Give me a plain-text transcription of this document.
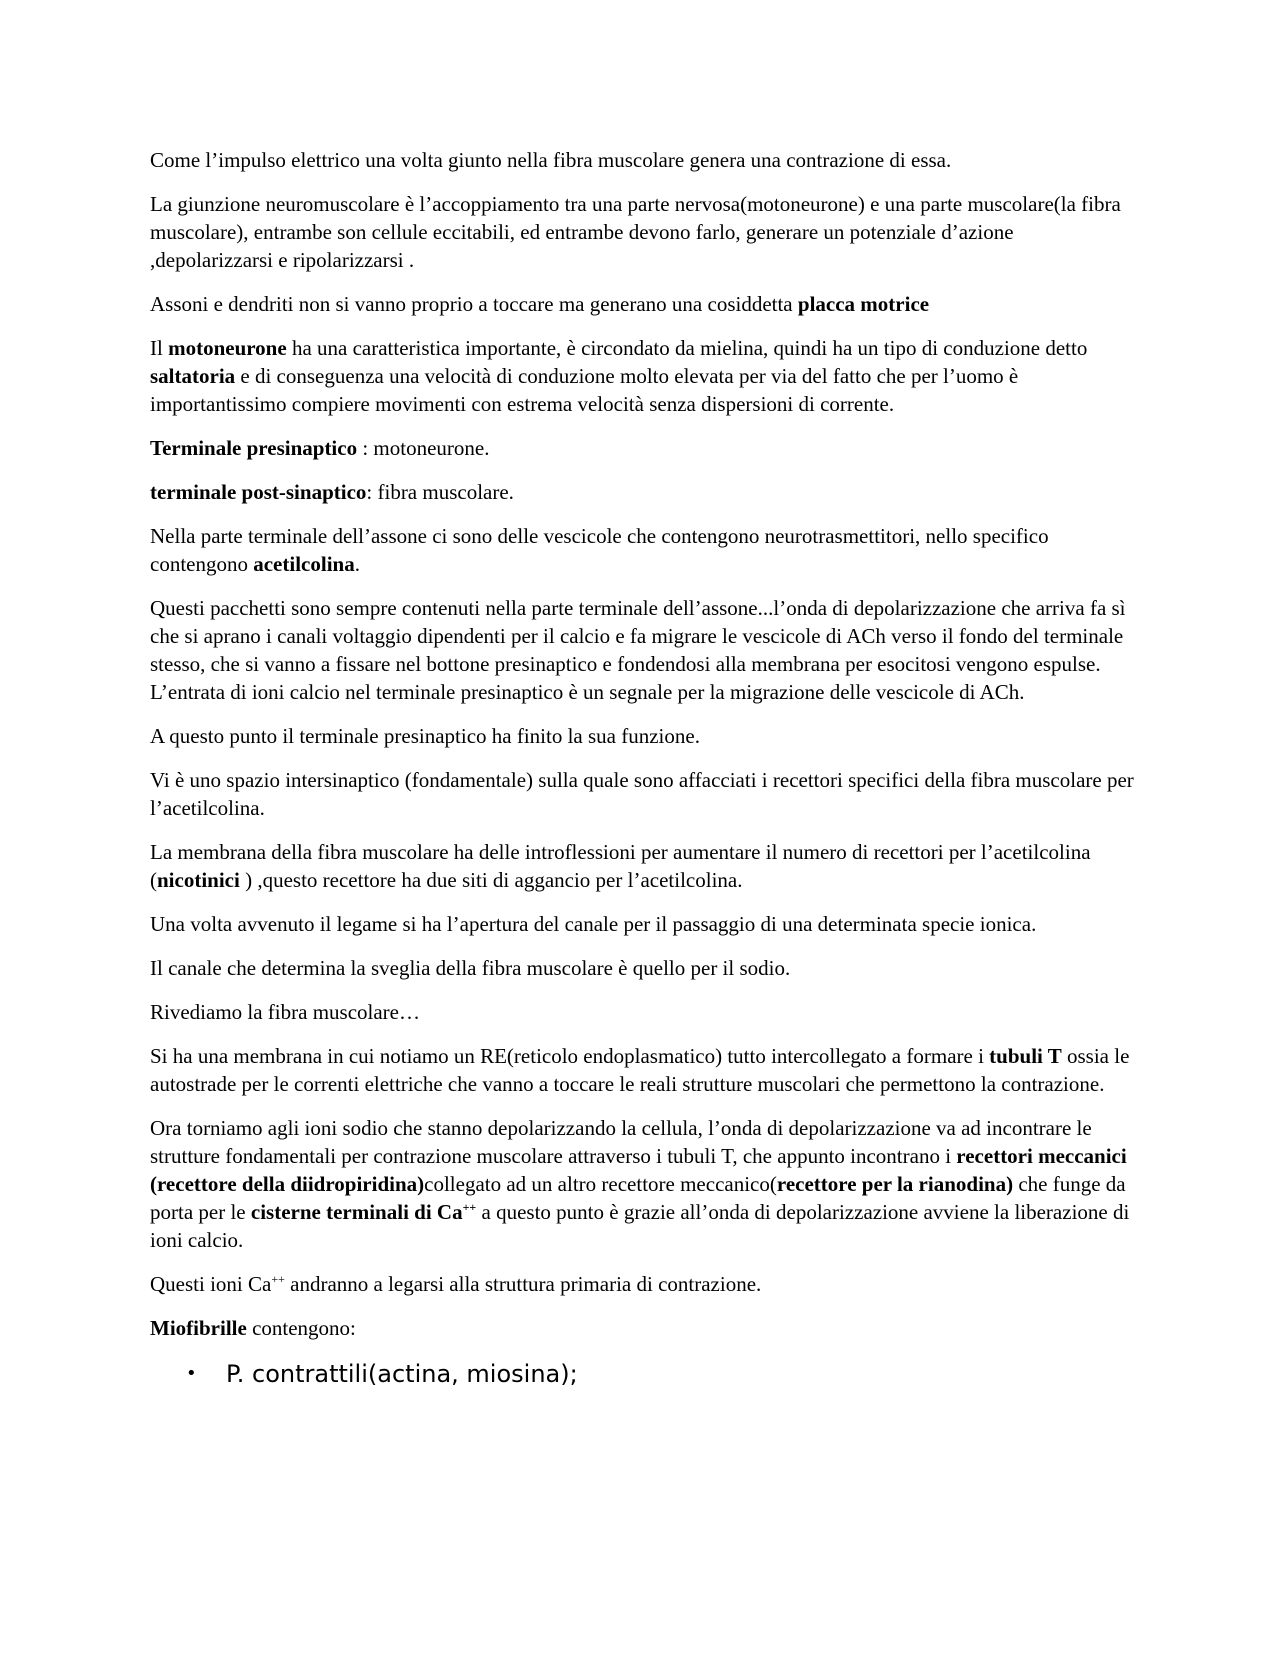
Come l’impulso elettrico una volta giunto nella fibra muscolare genera una contrazione di essa.

La giunzione neuromuscolare è l’accoppiamento tra una parte nervosa(motoneurone) e una parte muscolare(la fibra muscolare), entrambe son cellule eccitabili, ed entrambe devono farlo, generare un potenziale d’azione ,depolarizzarsi e ripolarizzarsi .

Assoni e dendriti non si vanno proprio a toccare ma generano una cosiddetta placca motrice

Il motoneurone ha una caratteristica importante, è circondato da mielina, quindi ha un tipo di conduzione detto saltatoria e di conseguenza una velocità di conduzione molto elevata per via del fatto che per l’uomo è importantissimo compiere movimenti con estrema velocità senza dispersioni di corrente.

Terminale presinaptico : motoneurone.

terminale post-sinaptico: fibra muscolare.

Nella parte terminale dell’assone ci sono delle vescicole che contengono neurotrasmettitori, nello specifico contengono acetilcolina.

Questi pacchetti sono sempre contenuti nella parte terminale dell’assone...l’onda di depolarizzazione che arriva fa sì che si aprano i canali voltaggio dipendenti per il calcio e fa migrare le vescicole di ACh verso il fondo del terminale stesso, che si vanno a fissare nel bottone presinaptico e fondendosi alla membrana per esocitosi vengono espulse. L’entrata di ioni calcio nel terminale presinaptico è un segnale per la migrazione delle vescicole di ACh.

A questo punto il terminale presinaptico ha finito la sua funzione.

Vi è uno spazio intersinaptico (fondamentale) sulla quale sono affacciati i recettori specifici della fibra muscolare per l’acetilcolina.

La membrana della fibra muscolare ha delle introflessioni per aumentare il numero di recettori per l’acetilcolina (nicotinici ) ,questo recettore ha due siti di aggancio per l’acetilcolina.

Una volta avvenuto il legame si ha l’apertura del canale per il passaggio di una determinata specie ionica.

Il canale che determina la sveglia della fibra muscolare è quello per il sodio.

Rivediamo la fibra muscolare…

Si ha una membrana in cui notiamo un RE(reticolo endoplasmatico) tutto intercollegato a formare i tubuli T ossia le autostrade per le correnti elettriche che vanno a toccare le reali strutture muscolari che permettono la contrazione.

Ora torniamo agli ioni sodio che stanno depolarizzando la cellula, l’onda di depolarizzazione va ad incontrare le strutture fondamentali per contrazione muscolare attraverso i tubuli T, che appunto incontrano i recettori meccanici (recettore della diidropiridina)collegato ad un altro recettore meccanico(recettore per la rianodina) che funge da porta per le cisterne terminali di Ca++ a questo punto è grazie all’onda di depolarizzazione avviene la liberazione di ioni calcio.

Questi ioni Ca++ andranno a legarsi alla struttura primaria di contrazione.

Miofibrille contengono:

• P. contrattili(actina, miosina);
